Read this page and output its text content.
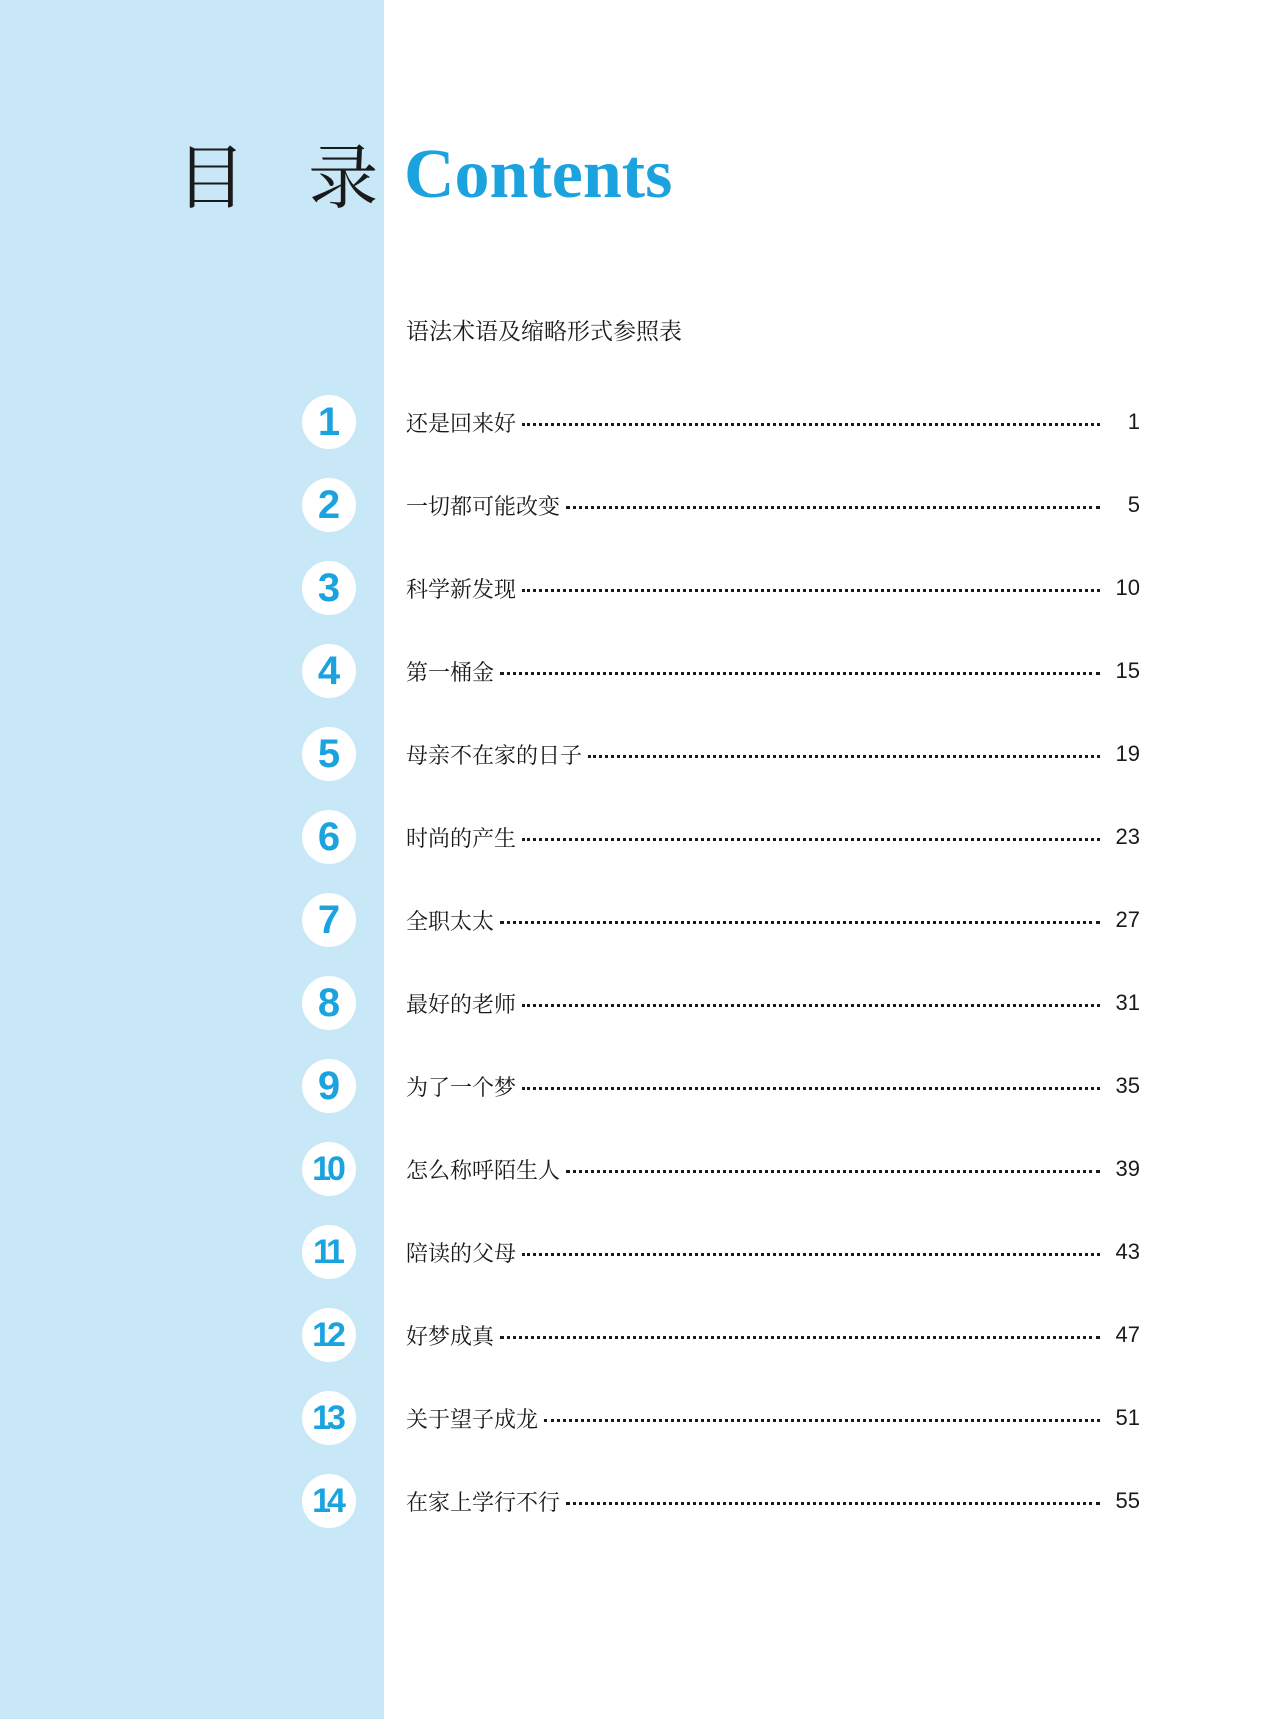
目 录 Contents
语法术语及缩略形式参照表
1	还是回来好	1
2	一切都可能改变	5
3	科学新发现	10
4	第一桶金	15
5	母亲不在家的日子	19
6	时尚的产生	23
7	全职太太	27
8	最好的老师	31
9	为了一个梦	35
10	怎么称呼陌生人	39
11	陪读的父母	43
12	好梦成真	47
13	关于望子成龙	51
14	在家上学行不行	55
